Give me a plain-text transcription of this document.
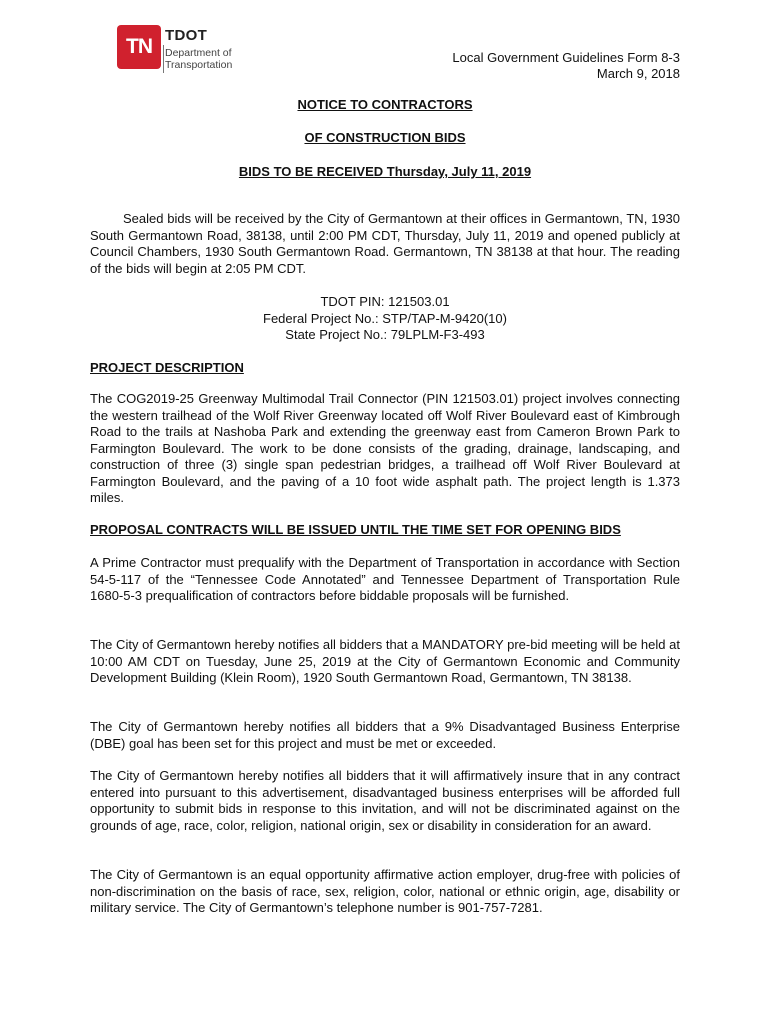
TN TDOT
Department of
Transportation	Local Government Guidelines Form 8-3
March 9, 2018
NOTICE TO CONTRACTORS
OF CONSTRUCTION BIDS
BIDS TO BE RECEIVED Thursday, July 11, 2019
Sealed bids will be received by the City of Germantown at their offices in Germantown, TN, 1930 South Germantown Road, 38138, until 2:00 PM CDT, Thursday, July 11, 2019 and opened publicly at Council Chambers, 1930 South Germantown Road. Germantown, TN 38138 at that hour. The reading of the bids will begin at 2:05 PM CDT.
TDOT PIN: 121503.01
Federal Project No.: STP/TAP-M-9420(10)
State Project No.: 79LPLM-F3-493
PROJECT DESCRIPTION
The COG2019-25 Greenway Multimodal Trail Connector (PIN 121503.01) project involves connecting the western trailhead of the Wolf River Greenway located off Wolf River Boulevard east of Kimbrough Road to the trails at Nashoba Park and extending the greenway east from Cameron Brown Park to Farmington Boulevard. The work to be done consists of the grading, drainage, landscaping, and construction of three (3) single span pedestrian bridges, a trailhead off Wolf River Boulevard at Farmington Boulevard, and the paving of a 10 foot wide asphalt path. The project length is 1.373 miles.
PROPOSAL CONTRACTS WILL BE ISSUED UNTIL THE TIME SET FOR OPENING BIDS
A Prime Contractor must prequalify with the Department of Transportation in accordance with Section 54-5-117 of the “Tennessee Code Annotated” and Tennessee Department of Transportation Rule 1680-5-3 prequalification of contractors before biddable proposals will be furnished.
The City of Germantown hereby notifies all bidders that a MANDATORY pre-bid meeting will be held at 10:00 AM CDT on Tuesday, June 25, 2019 at the City of Germantown Economic and Community Development Building (Klein Room), 1920 South Germantown Road, Germantown, TN 38138.
The City of Germantown hereby notifies all bidders that a 9% Disadvantaged Business Enterprise (DBE) goal has been set for this project and must be met or exceeded.
The City of Germantown hereby notifies all bidders that it will affirmatively insure that in any contract entered into pursuant to this advertisement, disadvantaged business enterprises will be afforded full opportunity to submit bids in response to this invitation, and will not be discriminated against on the grounds of age, race, color, religion, national origin, sex or disability in consideration for an award.
The City of Germantown is an equal opportunity affirmative action employer, drug-free with policies of non-discrimination on the basis of race, sex, religion, color, national or ethnic origin, age, disability or military service. The City of Germantown’s telephone number is 901-757-7281.
